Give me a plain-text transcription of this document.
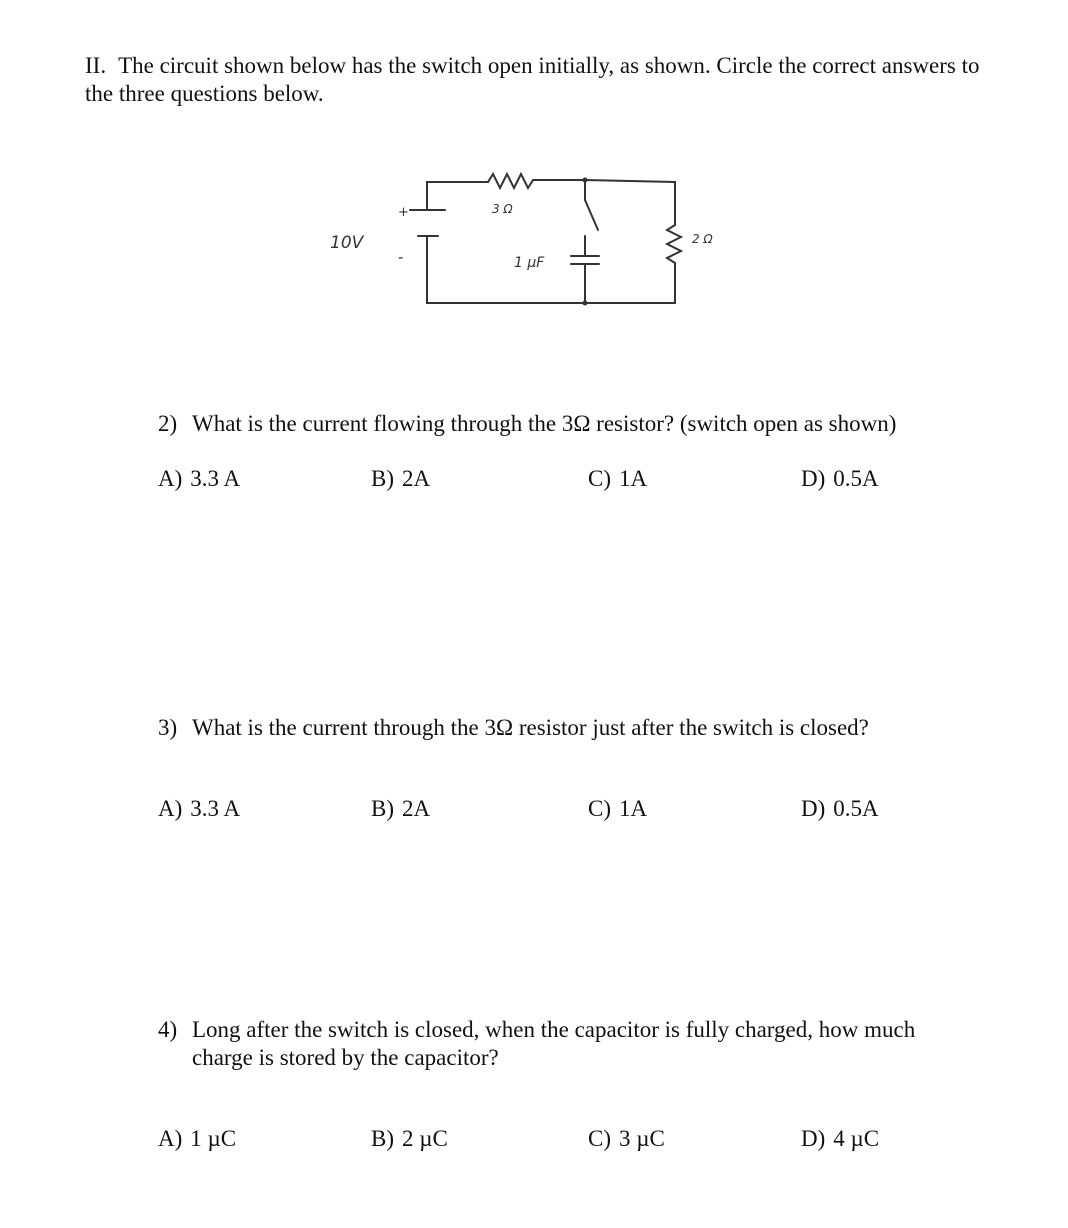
II. The circuit shown below has the switch open initially, as shown. Circle the correct answers to the three questions below.
+
-
10V
3 Ω
1 µF
2 Ω
2) What is the current flowing through the 3Ω resistor? (switch open as shown)
A) 3.3 A	B) 2A	C) 1A	D) 0.5A
3) What is the current through the 3Ω resistor just after the switch is closed?
A) 3.3 A	B) 2A	C) 1A	D) 0.5A
4) Long after the switch is closed, when the capacitor is fully charged, how much
charge is stored by the capacitor?
A) 1 µC	B) 2 µC	C) 3 µC	D) 4 µC
